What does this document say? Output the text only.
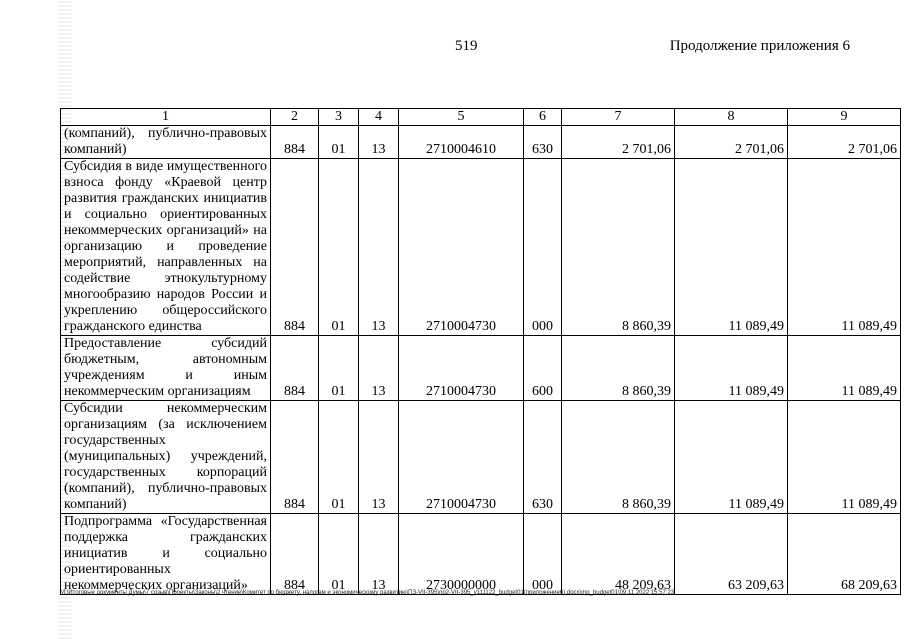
519	Продолжение приложения 6
1	2	3	4	5	6	7	8	9
(компаний), публично-правовых компаний)	884	01	13	2710004610	630	2 701,06	2 701,06	2 701,06
Субсидия в виде имущественного взноса фонду «Краевой центр развития гражданских инициатив и социально ориентированных некоммерческих организаций» на организацию и проведение мероприятий, направленных на содействие этнокультурному многообразию народов России и укреплению общероссийского гражданского единства	884	01	13	2710004730	000	8 860,39	11 089,49	11 089,49
Предоставление субсидий бюджетным, автономным учреждениям и иным некоммерческим организациям	884	01	13	2710004730	600	8 860,39	11 089,49	11 089,49
Субсидии некоммерческим организациям (за исключением государственных (муниципальных) учреждений, государственных корпораций (компаний), публично-правовых компаний)	884	01	13	2710004730	630	8 860,39	11 089,49	11 089,49
Подпрограмма «Государственная поддержка гражданских инициатив и социально ориентированных некоммерческих организаций»	884	01	13	2730000000	000	48 209,63	63 209,63	68 209,63
М:\Итоговые документы Думы\7 созыв\Проекты\Законы\2 чтение\Комитет по бюджету, налогам и экономическому развитию\ПЗ-VII-395\пр2-VII-395_v111122_budget01(приложение6).docx\mp_budget01\09.11.2022 15:57:23
